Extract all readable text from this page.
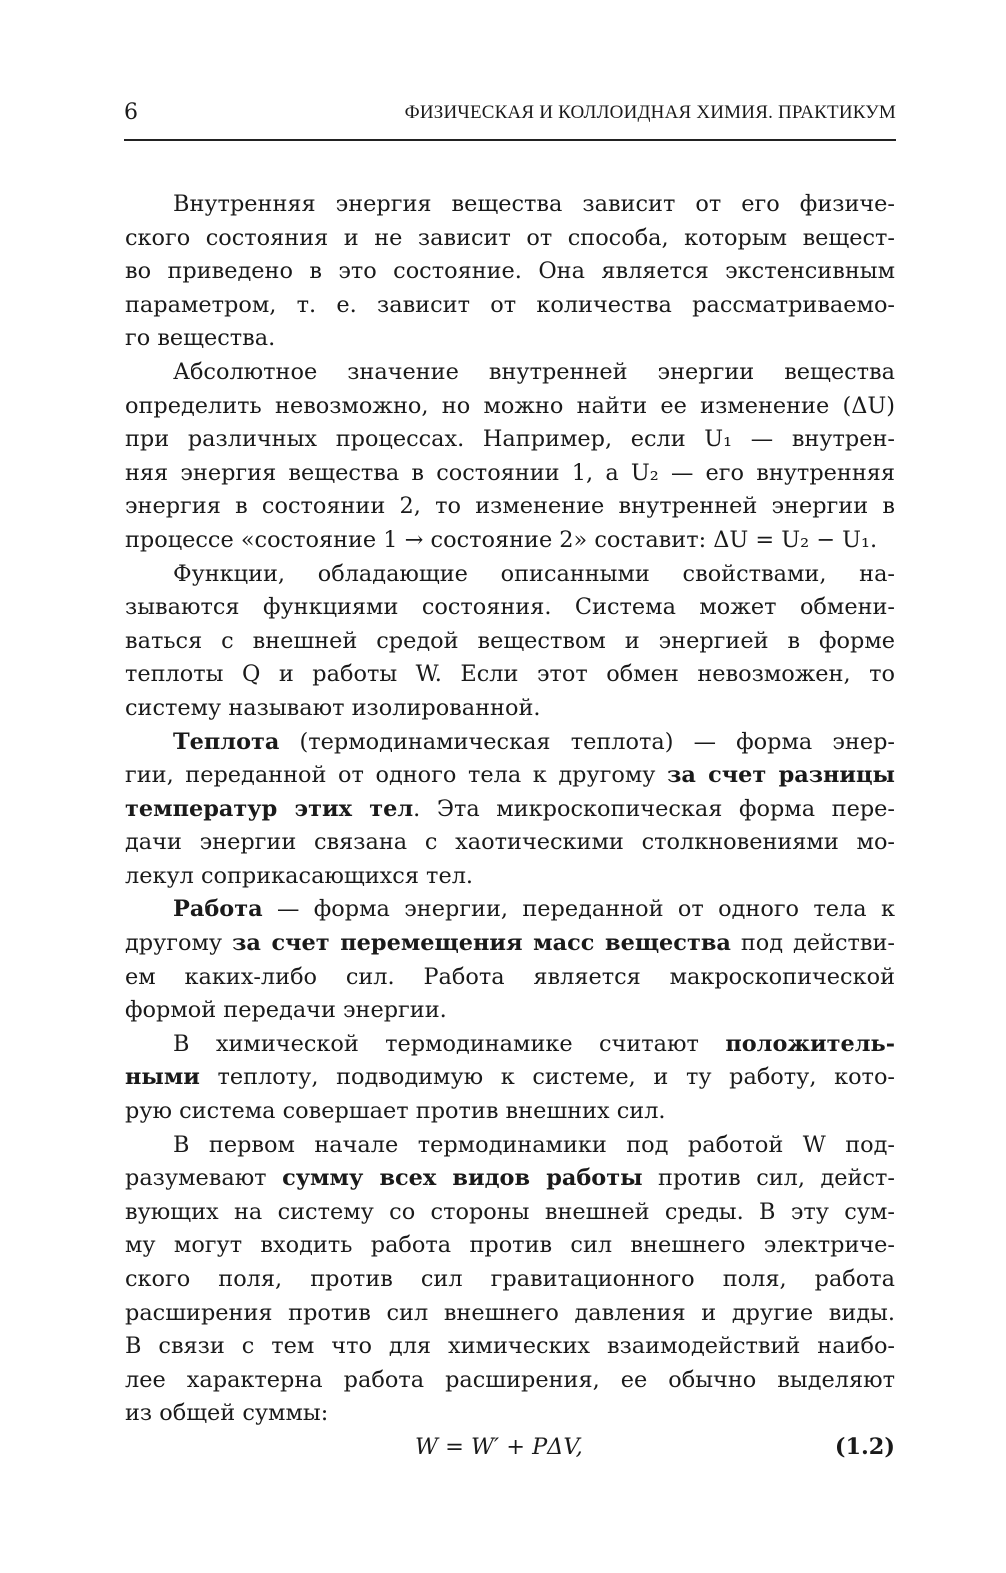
6	ФИЗИЧЕСКАЯ И КОЛЛОИДНАЯ ХИМИЯ. ПРАКТИКУМ
Внутренняя энергия вещества зависит от его физиче-
ского состояния и не зависит от способа, которым вещест-
во приведено в это состояние. Она является экстенсивным
параметром, т. е. зависит от количества рассматриваемо-
го вещества.
Абсолютное значение внутренней энергии вещества
определить невозможно, но можно найти ее изменение (ΔU)
при различных процессах. Например, если U₁ — внутрен-
няя энергия вещества в состоянии 1, а U₂ — его внутренняя
энергия в состоянии 2, то изменение внутренней энергии в
процессе «состояние 1 → состояние 2» составит: ΔU = U₂ − U₁.
Функции, обладающие описанными свойствами, на-
зываются функциями состояния. Система может обмени-
ваться с внешней средой веществом и энергией в форме
теплоты Q и работы W. Если этот обмен невозможен, то
систему называют изолированной.
Теплота (термодинамическая теплота) — форма энер-
гии, переданной от одного тела к другому за счет разницы
температур этих тел. Эта микроскопическая форма пере-
дачи энергии связана с хаотическими столкновениями мо-
лекул соприкасающихся тел.
Работа — форма энергии, переданной от одного тела к
другому за счет перемещения масс вещества под действи-
ем каких-либо сил. Работа является макроскопической
формой передачи энергии.
В химической термодинамике считают положитель-
ными теплоту, подводимую к системе, и ту работу, кото-
рую система совершает против внешних сил.
В первом начале термодинамики под работой W под-
разумевают сумму всех видов работы против сил, дейст-
вующих на систему со стороны внешней среды. В эту сум-
му могут входить работа против сил внешнего электриче-
ского поля, против сил гравитационного поля, работа
расширения против сил внешнего давления и другие виды.
В связи с тем что для химических взаимодействий наибо-
лее характерна работа расширения, ее обычно выделяют
из общей суммы:
W = W′ + PΔV,	(1.2)
